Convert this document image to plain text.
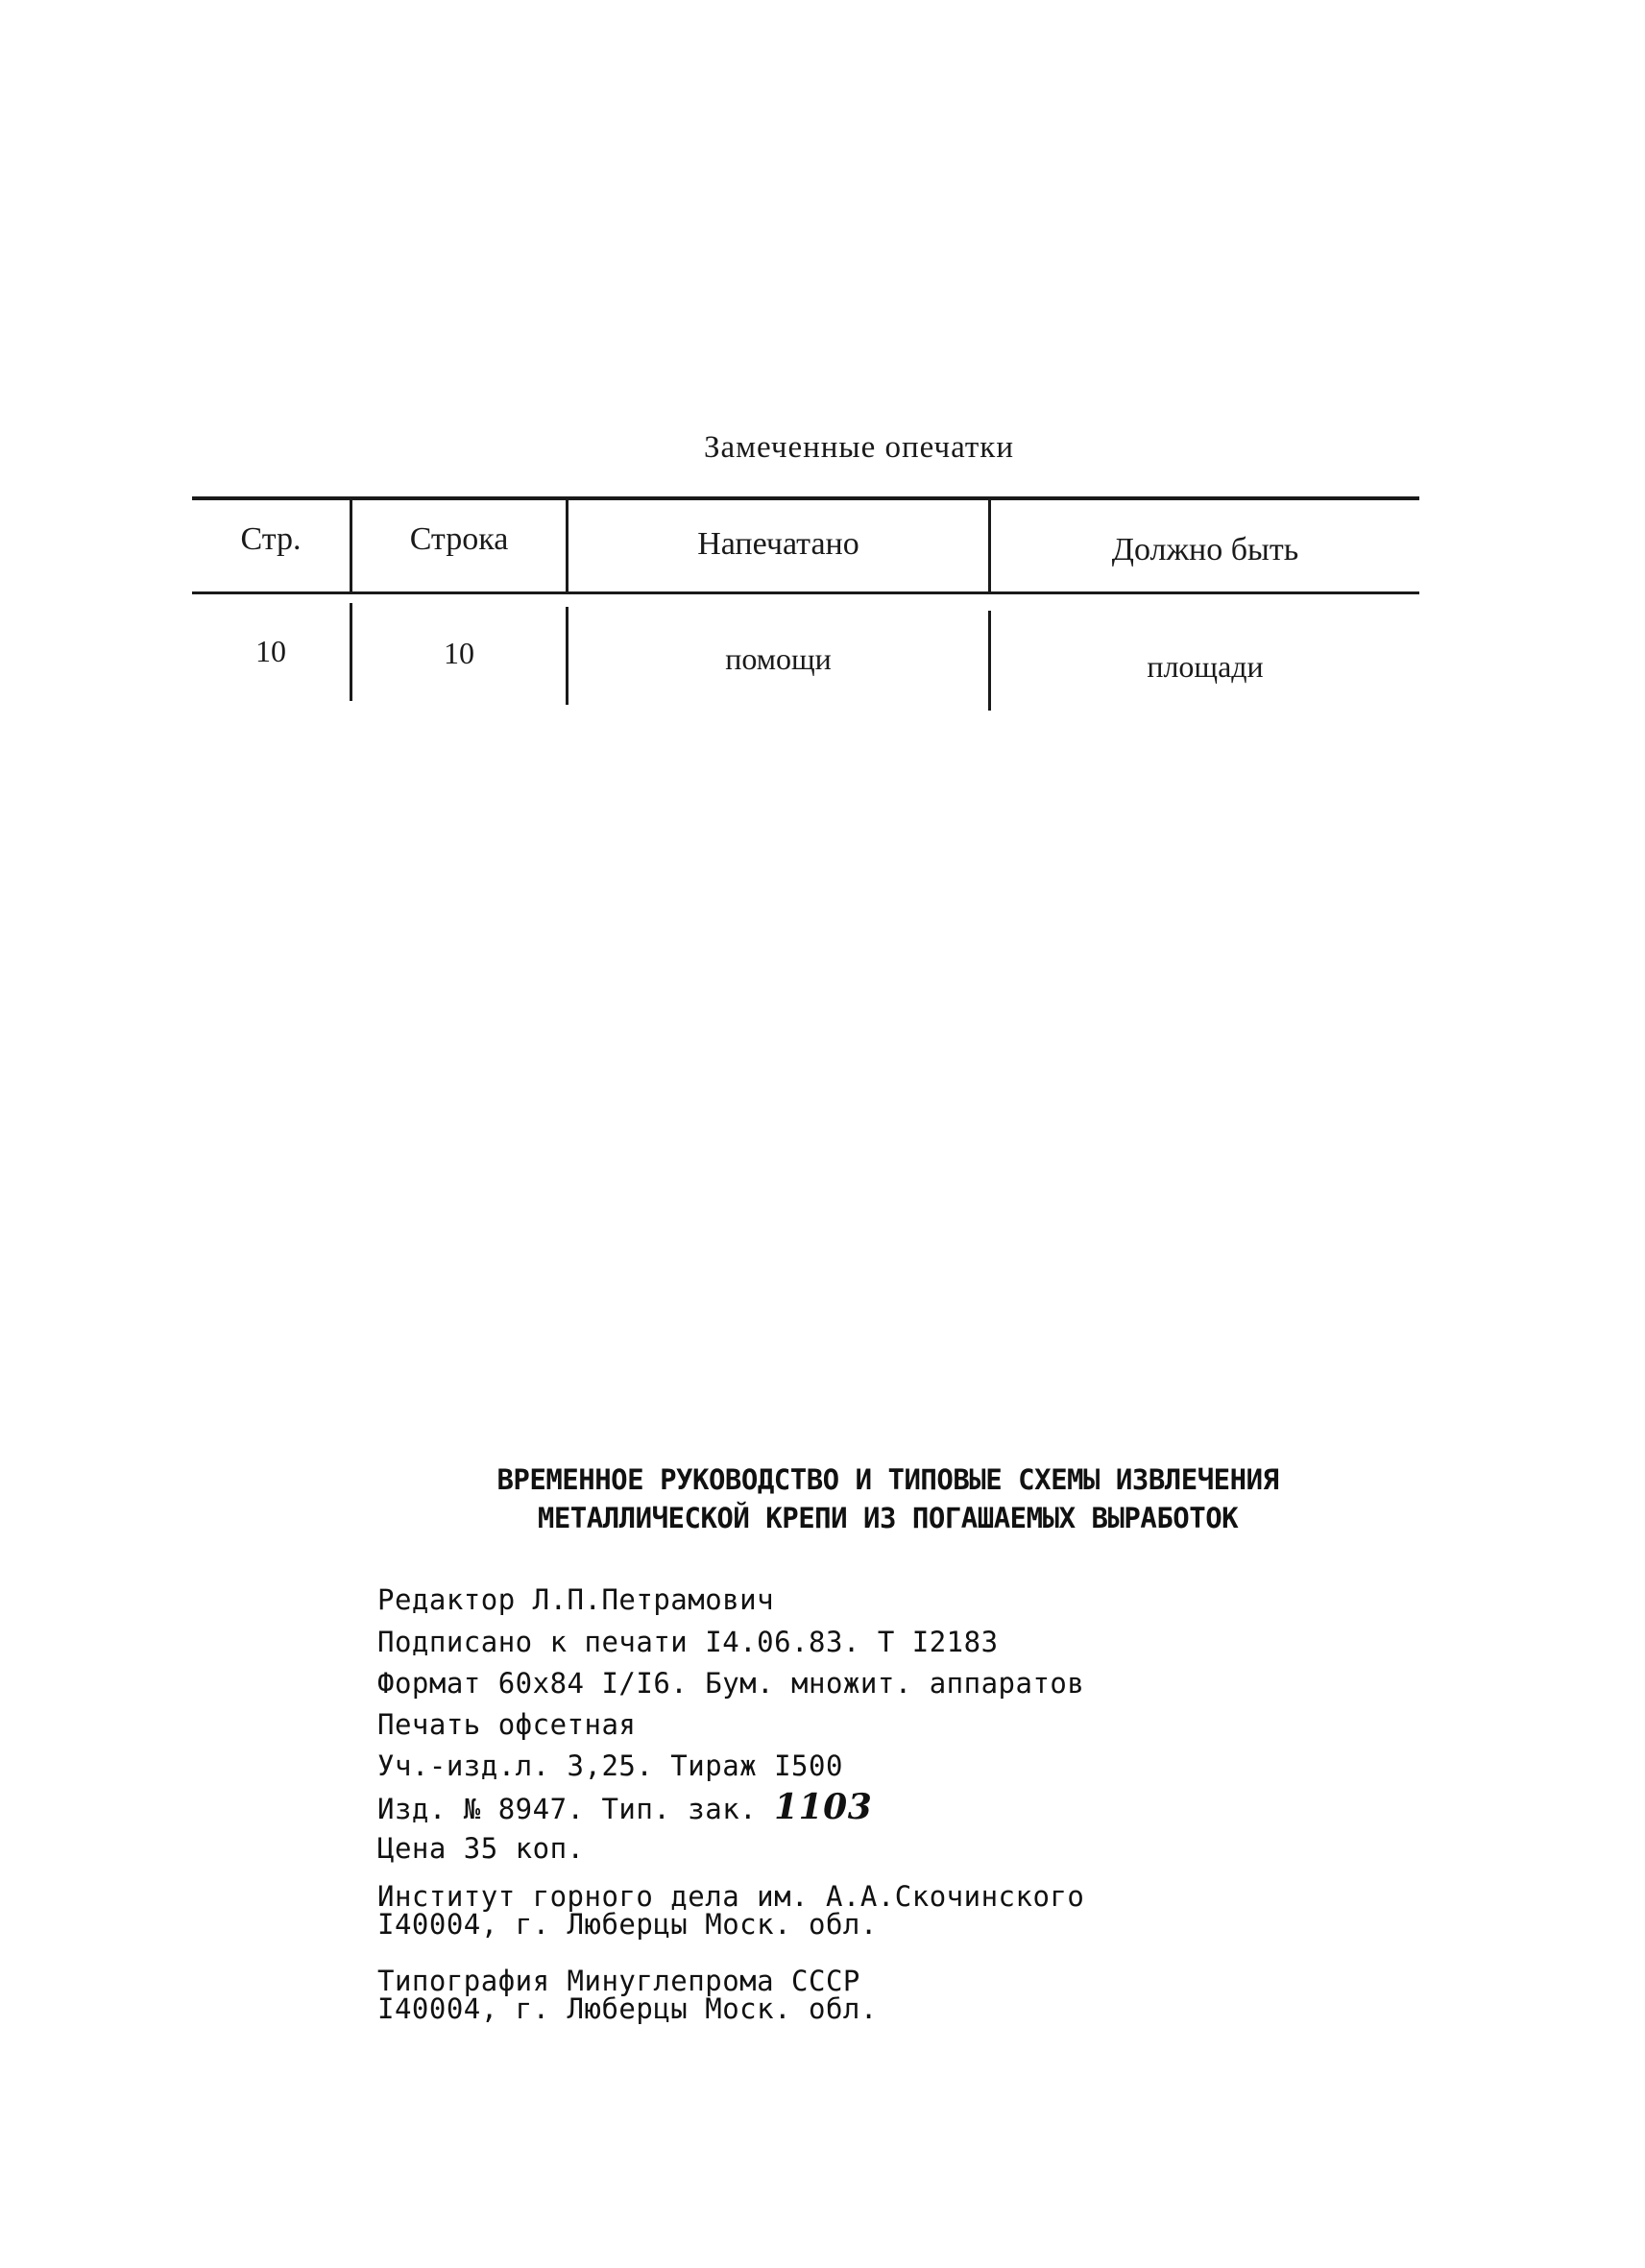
Замеченные опечатки
Стр.	Строка	Напечатано	Должно быть
10	10	помощи	площади
ВРЕМЕННОЕ РУКОВОДСТВО И ТИПОВЫЕ СХЕМЫ ИЗВЛЕЧЕНИЯ
МЕТАЛЛИЧЕСКОЙ КРЕПИ ИЗ ПОГАШАЕМЫХ ВЫРАБОТОК
Редактор Л.П.Петрамович
Подписано к печати I4.06.83. Т I2183
Формат 60x84 I/I6. Бум. множит. аппаратов
Печать офсетная
Уч.-изд.л. 3,25. Тираж I500
Изд. № 8947. Тип. зак. 1103
Цена 35 коп.
Институт горного дела им. А.А.Скочинского
I40004, г. Люберцы Моск. обл.
Типография Минуглепрома СССР
I40004, г. Люберцы Моск. обл.
